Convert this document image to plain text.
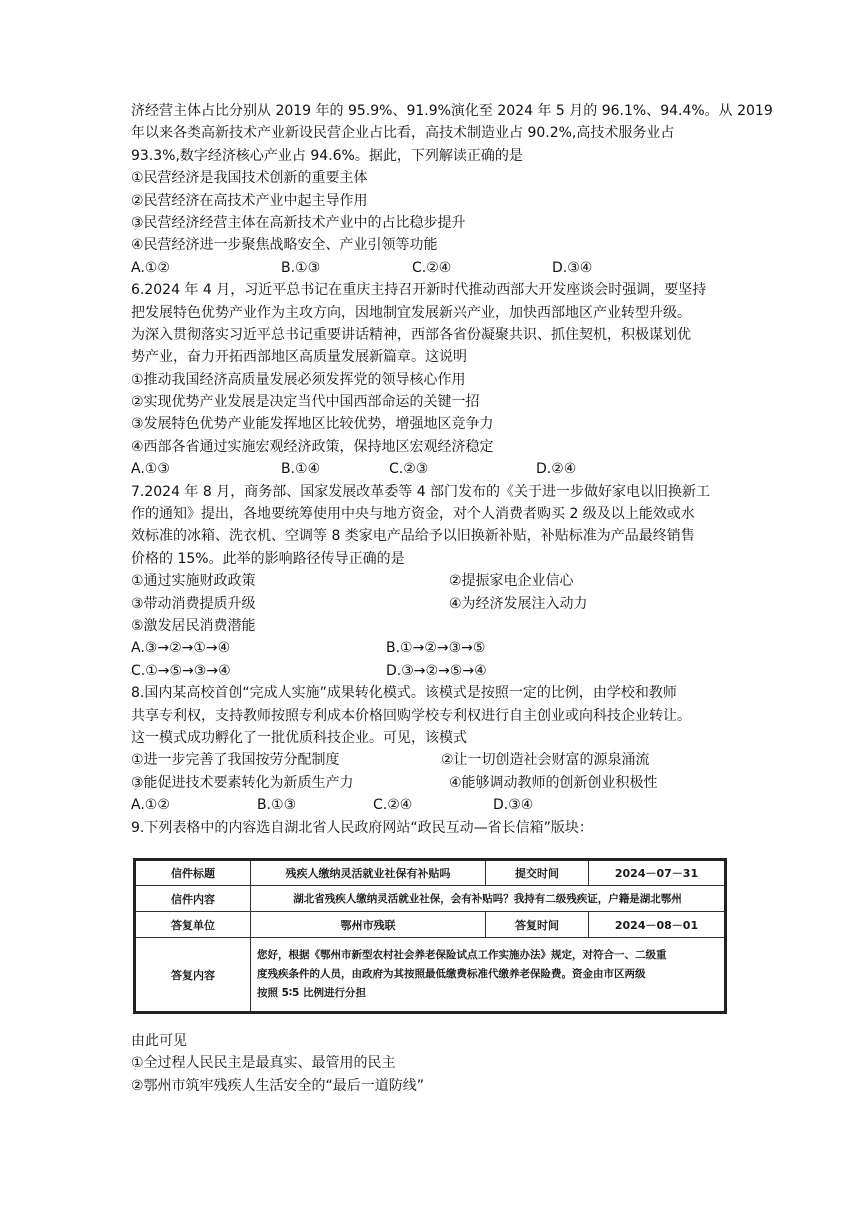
济经营主体占比分别从 2019 年的 95.9%、91.9%演化至 2024 年 5 月的 96.1%、94.4%。从 2019
年以来各类高新技术产业新设民营企业占比看，高技术制造业占 90.2%,高技术服务业占
93.3%,数字经济核心产业占 94.6%。据此，下列解读正确的是
①民营经济是我国技术创新的重要主体
②民营经济在高技术产业中起主导作用
③民营经济经营主体在高新技术产业中的占比稳步提升
④民营经济进一步聚焦战略安全、产业引领等功能
A.①②	B.①③	C.②④	D.③④
6.2024 年 4 月，习近平总书记在重庆主持召开新时代推动西部大开发座谈会时强调，要坚持
把发展特色优势产业作为主攻方向，因地制宜发展新兴产业，加快西部地区产业转型升级。
为深入贯彻落实习近平总书记重要讲话精神，西部各省份凝聚共识、抓住契机，积极谋划优
势产业，奋力开拓西部地区高质量发展新篇章。这说明
①推动我国经济高质量发展必须发挥党的领导核心作用
②实现优势产业发展是决定当代中国西部命运的关键一招
③发展特色优势产业能发挥地区比较优势，增强地区竞争力
④西部各省通过实施宏观经济政策，保持地区宏观经济稳定
A.①③	B.①④	C.②③	D.②④
7.2024 年 8 月，商务部、国家发展改革委等 4 部门发布的《关于进一步做好家电以旧换新工
作的通知》提出，各地要统筹使用中央与地方资金，对个人消费者购买 2 级及以上能效或水
效标准的冰箱、洗衣机、空调等 8 类家电产品给予以旧换新补贴，补贴标准为产品最终销售
价格的 15%。此举的影响路径传导正确的是
①通过实施财政政策	②提振家电企业信心
③带动消费提质升级	④为经济发展注入动力
⑤激发居民消费潜能
A.③→②→①→④	B.①→②→③→⑤
C.①→⑤→③→④	D.③→②→⑤→④
8.国内某高校首创“完成人实施”成果转化模式。该模式是按照一定的比例，由学校和教师
共享专利权，支持教师按照专利成本价格回购学校专利权进行自主创业或向科技企业转让。
这一模式成功孵化了一批优质科技企业。可见，该模式
①进一步完善了我国按劳分配制度	②让一切创造社会财富的源泉涌流
③能促进技术要素转化为新质生产力	④能够调动教师的创新创业积极性
A.①②	B.①③	C.②④	D.③④
9.下列表格中的内容选自湖北省人民政府网站“政民互动—省长信箱”版块：
信件标题	残疾人缴纳灵活就业社保有补贴吗	提交时间	2024－07－31
信件内容	湖北省残疾人缴纳灵活就业社保，会有补贴吗？我持有二级残疾证，户籍是湖北鄂州		
答复单位	鄂州市残联	答复时间	2024－08－01
答复内容	您好，根据《鄂州市新型农村社会养老保险试点工作实施办法》规定，对符合一、二级重
度残疾条件的人员，由政府为其按照最低缴费标准代缴养老保险费。资金由市区两级
按照 5∶5 比例进行分担		
由此可见
①全过程人民民主是最真实、最管用的民主
②鄂州市筑牢残疾人生活安全的“最后一道防线”
